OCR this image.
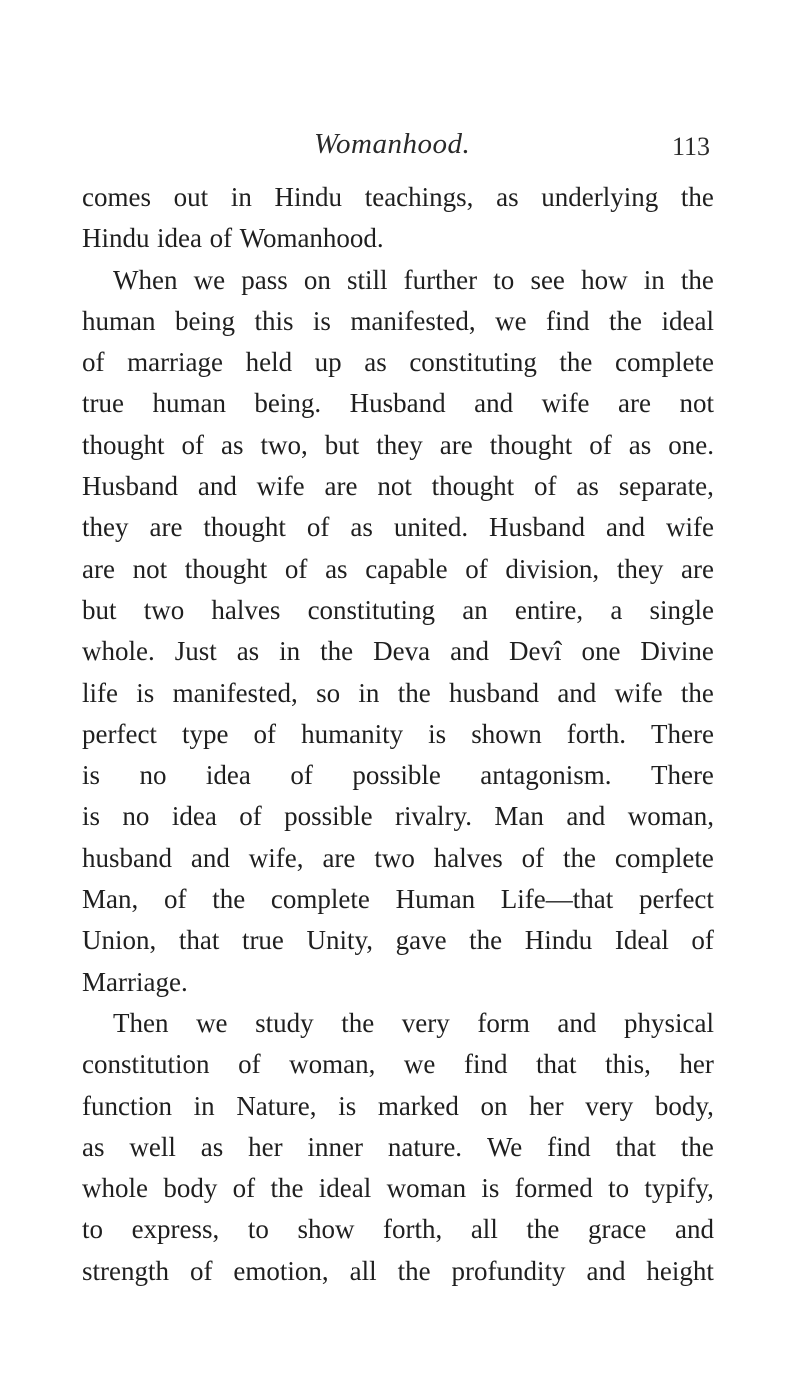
Womanhood.	113
comes out in Hindu teachings, as underlying the
Hindu idea of Womanhood.
When we pass on still further to see how in the
human being this is manifested, we find the ideal
of marriage held up as constituting the complete
true human being. Husband and wife are not
thought of as two, but they are thought of as one.
Husband and wife are not thought of as separate,
they are thought of as united. Husband and wife
are not thought of as capable of division, they are
but two halves constituting an entire, a single
whole. Just as in the Deva and Devî one Divine
life is manifested, so in the husband and wife the
perfect type of humanity is shown forth. There
is no idea of possible antagonism. There
is no idea of possible rivalry. Man and woman,
husband and wife, are two halves of the complete
Man, of the complete Human Life—that perfect
Union, that true Unity, gave the Hindu Ideal of
Marriage.
Then we study the very form and physical
constitution of woman, we find that this, her
function in Nature, is marked on her very body,
as well as her inner nature. We find that the
whole body of the ideal woman is formed to typify,
to express, to show forth, all the grace and
strength of emotion, all the profundity and height
